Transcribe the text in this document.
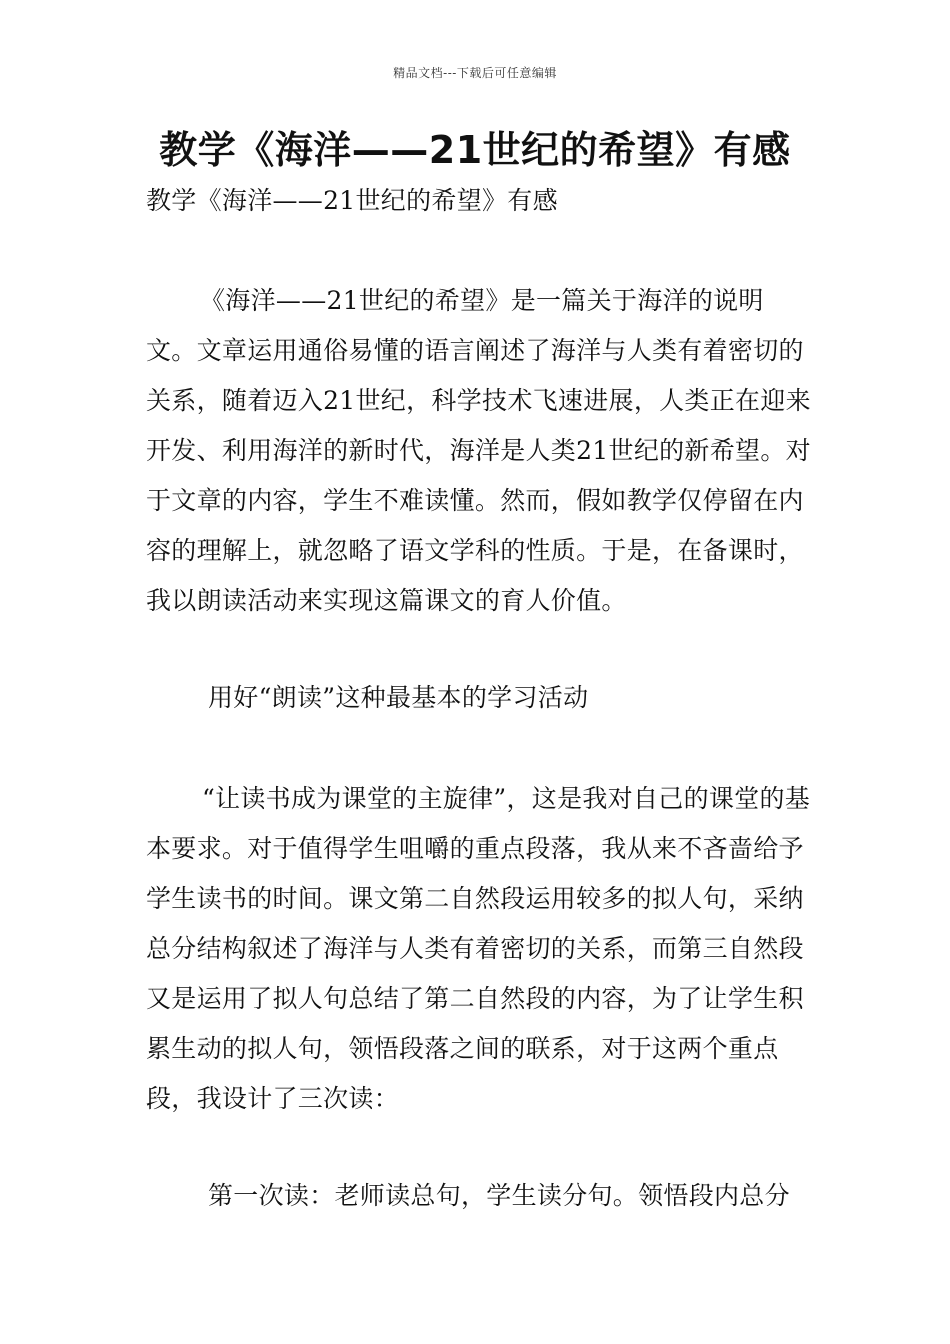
精品文档---下载后可任意编辑
教学《海洋——21世纪的希望》有感

教学《海洋——21世纪的希望》有感

《海洋——21世纪的希望》是一篇关于海洋的说明文。文章运用通俗易懂的语言阐述了海洋与人类有着密切的关系，随着迈入21世纪，科学技术飞速进展，人类正在迎来开发、利用海洋的新时代，海洋是人类21世纪的新希望。对于文章的内容，学生不难读懂。然而，假如教学仅停留在内容的理解上，就忽略了语文学科的性质。于是，在备课时，我以朗读活动来实现这篇课文的育人价值。

用好“朗读”这种最基本的学习活动

“让读书成为课堂的主旋律”，这是我对自己的课堂的基本要求。对于值得学生咀嚼的重点段落，我从来不吝啬给予学生读书的时间。课文第二自然段运用较多的拟人句，采纳总分结构叙述了海洋与人类有着密切的关系，而第三自然段又是运用了拟人句总结了第二自然段的内容，为了让学生积累生动的拟人句，领悟段落之间的联系，对于这两个重点段，我设计了三次读：

第一次读：老师读总句，学生读分句。领悟段内总分
